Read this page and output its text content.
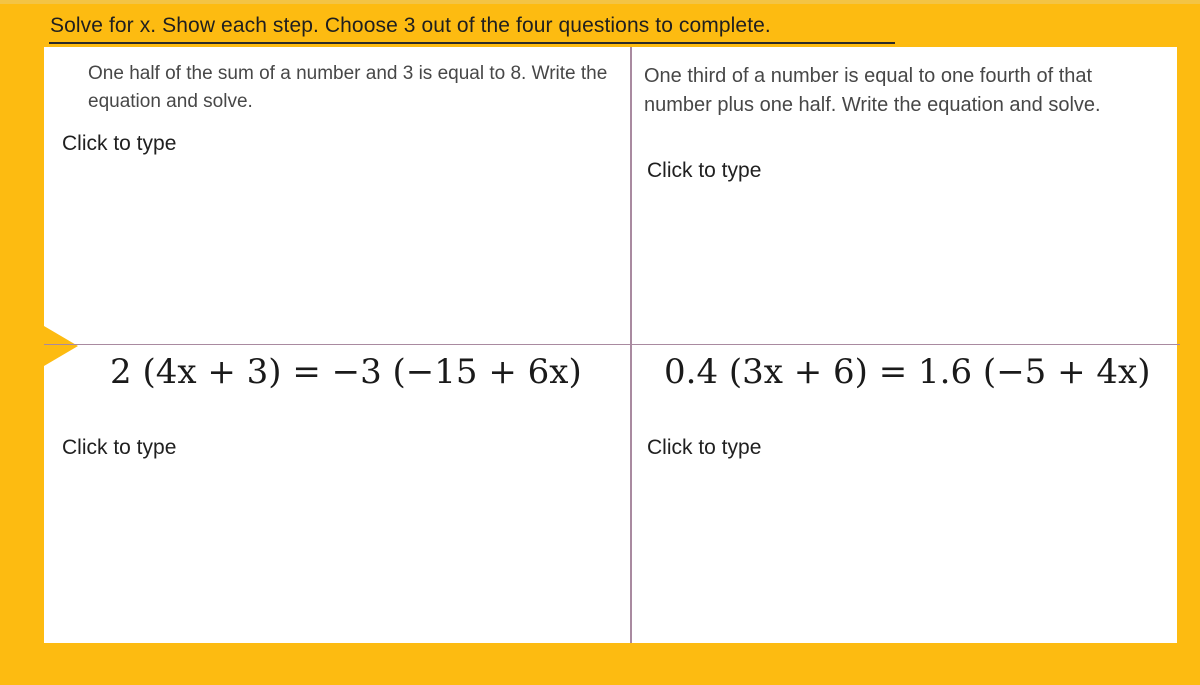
Solve for x. Show each step. Choose 3 out of the four questions to complete.
One half of the sum of a number and 3 is equal to 8. Write the equation and solve.
Click to type
One third of a number is equal to one fourth of that number plus one half. Write the equation and solve.
Click to type
2 (4x + 3) = −3 (−15 + 6x)
Click to type
0.4 (3x + 6) = 1.6 (−5 + 4x)
Click to type
